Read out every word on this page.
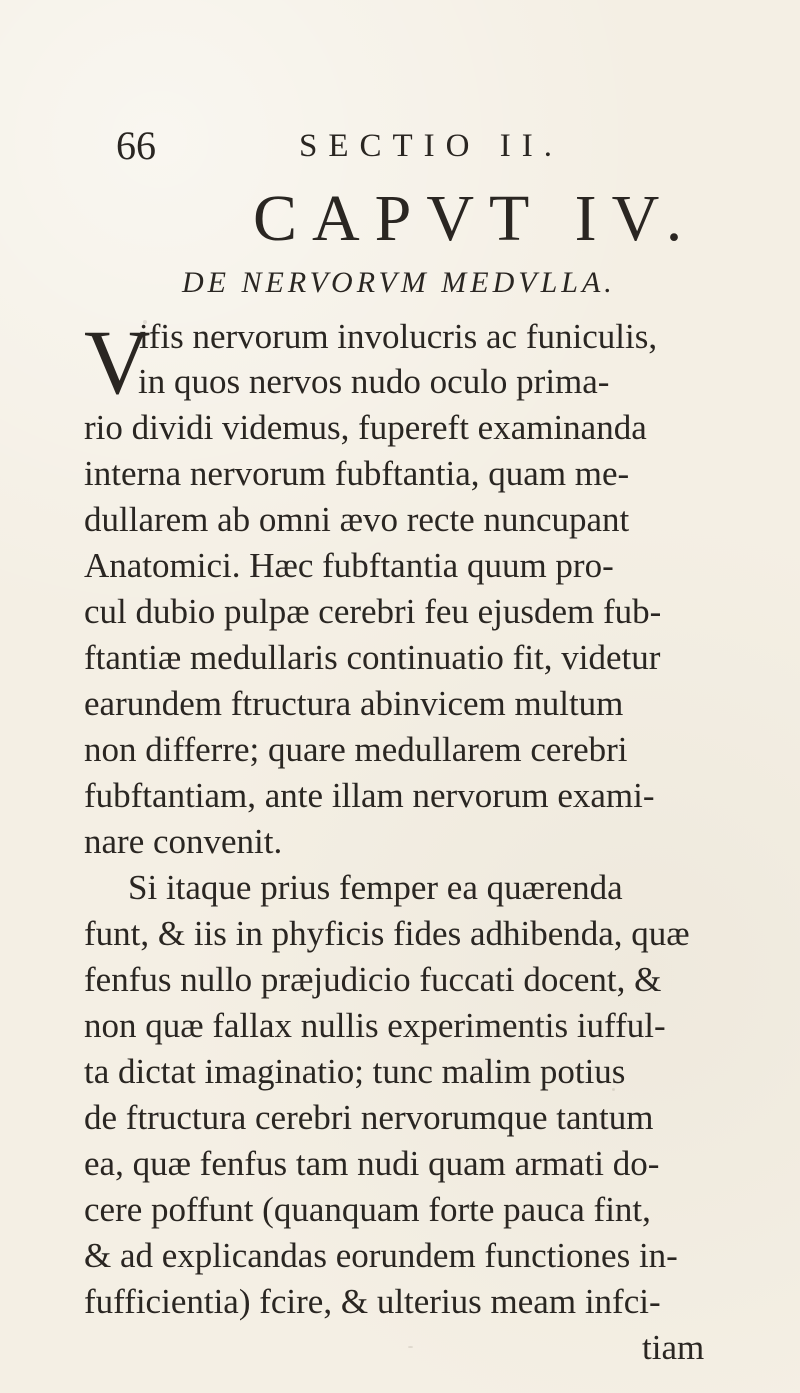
66	SECTIO II.
CAPVT IV.
DE NERVORVM MEDVLLA.
V
ifis nervorum involucris ac funiculis,
in quos nervos nudo oculo prima-
rio dividi videmus, fupereft examinanda
interna nervorum fubftantia, quam me-
dullarem ab omni ævo recte nuncupant
Anatomici. Hæc fubftantia quum pro-
cul dubio pulpæ cerebri feu ejusdem fub-
ftantiæ medullaris continuatio fit, videtur
earundem ftructura abinvicem multum
non differre; quare medullarem cerebri
fubftantiam, ante illam nervorum exami-
nare convenit.
Si itaque prius femper ea quærenda
funt, & iis in phyficis fides adhibenda, quæ
fenfus nullo præjudicio fuccati docent, &
non quæ fallax nullis experimentis iufful-
ta dictat imaginatio; tunc malim potius
de ftructura cerebri nervorumque tantum
ea, quæ fenfus tam nudi quam armati do-
cere poffunt (quanquam forte pauca fint,
& ad explicandas eorundem functiones in-
fufficientia) fcire, & ulterius meam infci-
tiam
